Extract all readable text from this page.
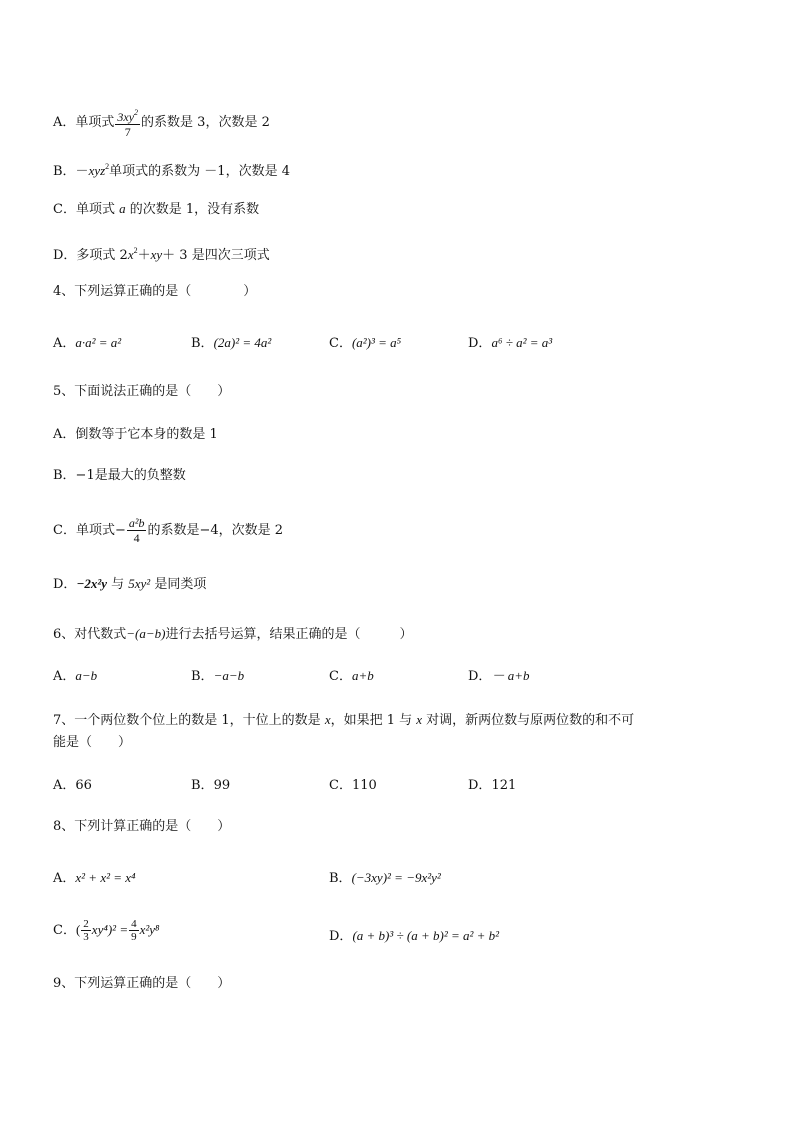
A．单项式 $\frac{3xy^2}{7}$ 的系数是 3，次数是 2
B．－xyz$^2$单项式的系数为 －1，次数是 4
C．单项式 a 的次数是 1，没有系数
D．多项式 $2x^2+xy+ 3$ 是四次三项式
4、下列运算正确的是（　　　　）
A．a·a² = a²	B．(2a)² = 4a²	C．(a²)³ = a⁵	D．a⁶ ÷ a² = a³
5、下面说法正确的是（　　）
A．倒数等于它本身的数是 1
B．−1是最大的负整数
C．单项式− $\frac{\text{a²b}}{4}$ 的系数是−4，次数是 2
D．−2x²y 与 5xy² 是同类项
6、对代数式−(a−b)进行去括号运算，结果正确的是（　　　）
A．a−b	B．−a−b	C．a+b	D．－ a+b
7、一个两位数个位上的数是 1，十位上的数是 x，如果把 1 与 x 对调，新两位数与原两位数的和不可
能是（　　）
A．66	B．99	C．110	D．121
8、下列计算正确的是（　　）
A．x² + x² = x⁴	B．(−3xy)² = −9x²y²
C．( $\frac{2}{3} xy^4)^2 = \frac{4}{9} x^2y^8$	D．(a + b)³ ÷ (a + b)² = a² + b²
9、下列运算正确的是（　　）
